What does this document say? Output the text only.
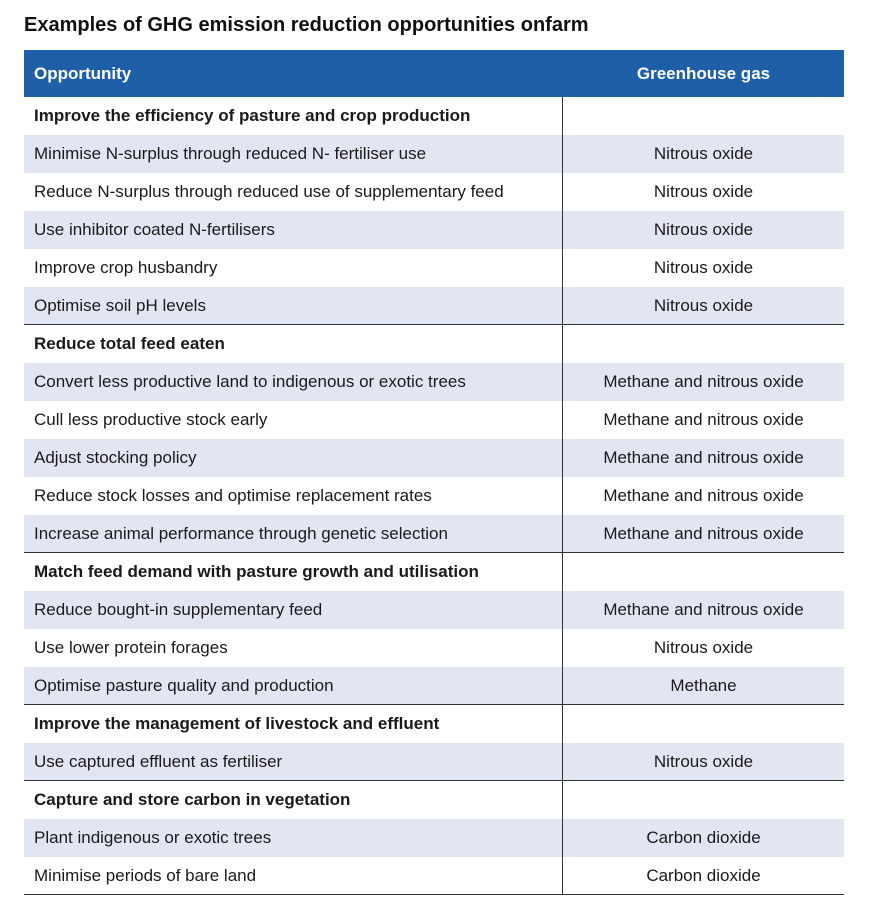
Examples of GHG emission reduction opportunities onfarm
Opportunity	Greenhouse gas
Improve the efficiency of pasture and crop production
Minimise N-surplus through reduced N- fertiliser use	Nitrous oxide
Reduce N-surplus through reduced use of supplementary feed	Nitrous oxide
Use inhibitor coated N-fertilisers	Nitrous oxide
Improve crop husbandry	Nitrous oxide
Optimise soil pH levels	Nitrous oxide
Reduce total feed eaten
Convert less productive land to indigenous or exotic trees	Methane and nitrous oxide
Cull less productive stock early	Methane and nitrous oxide
Adjust stocking policy	Methane and nitrous oxide
Reduce stock losses and optimise replacement rates	Methane and nitrous oxide
Increase animal performance through genetic selection	Methane and nitrous oxide
Match feed demand with pasture growth and utilisation
Reduce bought-in supplementary feed	Methane and nitrous oxide
Use lower protein forages	Nitrous oxide
Optimise pasture quality and production	Methane
Improve the management of livestock and effluent
Use captured effluent as fertiliser	Nitrous oxide
Capture and store carbon in vegetation
Plant indigenous or exotic trees	Carbon dioxide
Minimise periods of bare land	Carbon dioxide
